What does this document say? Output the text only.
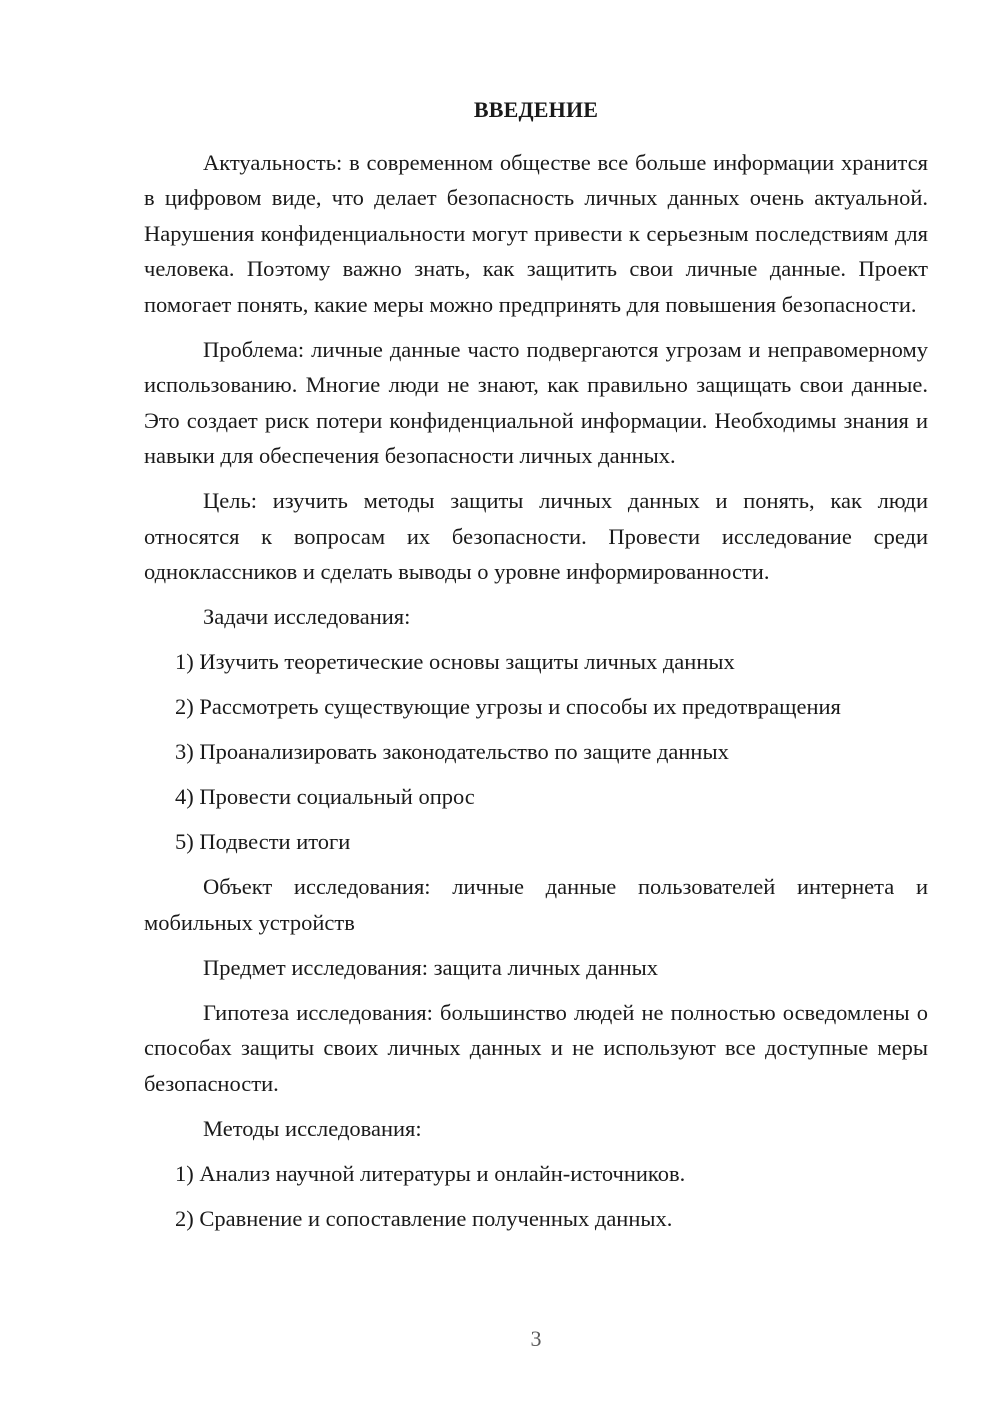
ВВЕДЕНИЕ

Актуальность: в современном обществе все больше информации хранится в цифровом виде, что делает безопасность личных данных очень актуальной. Нарушения конфиденциальности могут привести к серьезным последствиям для человека. Поэтому важно знать, как защитить свои личные данные. Проект помогает понять, какие меры можно предпринять для повышения безопасности.

Проблема: личные данные часто подвергаются угрозам и неправомерному использованию. Многие люди не знают, как правильно защищать свои данные. Это создает риск потери конфиденциальной информации. Необходимы знания и навыки для обеспечения безопасности личных данных.

Цель: изучить методы защиты личных данных и понять, как люди относятся к вопросам их безопасности. Провести исследование среди одноклассников и сделать выводы о уровне информированности.

Задачи исследования:

1) Изучить теоретические основы защиты личных данных
2) Рассмотреть существующие угрозы и способы их предотвращения
3) Проанализировать законодательство по защите данных
4) Провести социальный опрос
5) Подвести итоги

Объект исследования: личные данные пользователей интернета и мобильных устройств

Предмет исследования: защита личных данных

Гипотеза исследования: большинство людей не полностью осведомлены о способах защиты своих личных данных и не используют все доступные меры безопасности.

Методы исследования:

1) Анализ научной литературы и онлайн-источников.
2) Сравнение и сопоставление полученных данных.
3
